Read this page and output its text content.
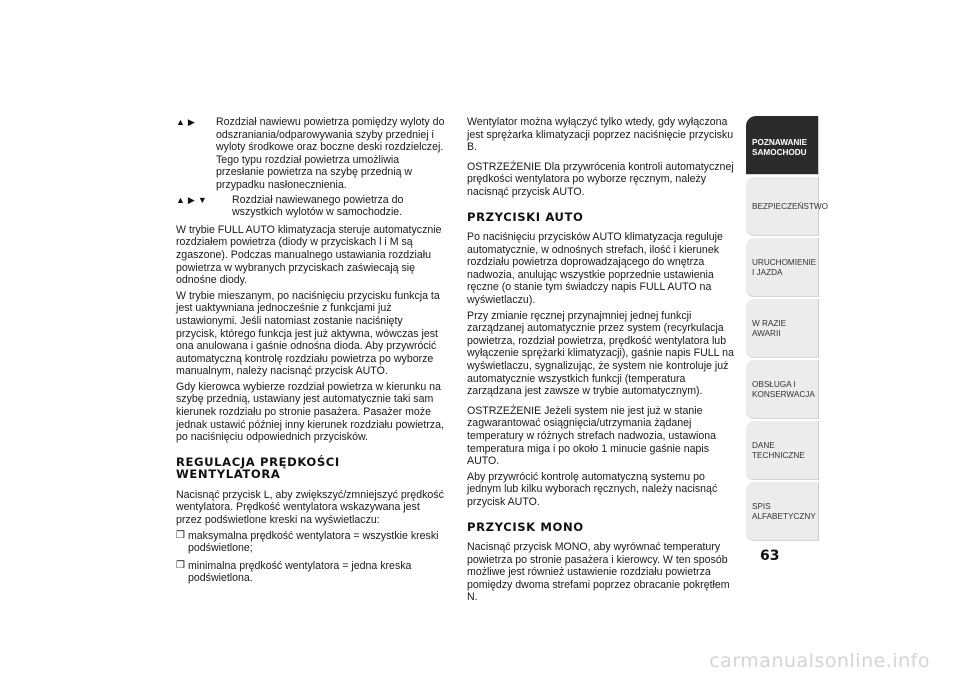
▲▶	Rozdział nawiewu powietrza pomiędzy wyloty do odszraniania/odparowywania szyby przedniej i wyloty środkowe oraz boczne deski rozdzielczej. Tego typu rozdział powietrza umożliwia przesłanie powietrza na szybę przednią w przypadku nasłonecznienia.
▲▶▼	Rozdział nawiewanego powietrza do wszystkich wylotów w samochodzie.

W trybie FULL AUTO klimatyzacja steruje automatycznie rozdziałem powietrza (diody w przyciskach l i M są zgaszone). Podczas manualnego ustawiania rozdziału powietrza w wybranych przyciskach zaświecają się odnośne diody.

W trybie mieszanym, po naciśnięciu przycisku funkcja ta jest uaktywniana jednocześnie z funkcjami już ustawionymi. Jeśli natomiast zostanie naciśnięty przycisk, którego funkcja jest już aktywna, wówczas jest ona anulowana i gaśnie odnośna dioda. Aby przywrócić automatyczną kontrolę rozdziału powietrza po wyborze manualnym, należy nacisnąć przycisk AUTO.

Gdy kierowca wybierze rozdział powietrza w kierunku na szybę przednią, ustawiany jest automatycznie taki sam kierunek rozdziału po stronie pasażera. Pasażer może jednak ustawić później inny kierunek rozdziału powietrza, po naciśnięciu odpowiednich przycisków.

REGULACJA PRĘDKOŚCI WENTYLATORA

Nacisnąć przycisk L, aby zwiększyć/zmniejszyć prędkość wentylatora. Prędkość wentylatora wskazywana jest przez podświetlone kreski na wyświetlaczu:

❒ maksymalna prędkość wentylatora = wszystkie kreski podświetlone;
❒ minimalna prędkość wentylatora = jedna kreska podświetlona.

Wentylator można wyłączyć tylko wtedy, gdy wyłączona jest sprężarka klimatyzacji poprzez naciśnięcie przycisku B.

OSTRZEŻENIE Dla przywrócenia kontroli automatycznej prędkości wentylatora po wyborze ręcznym, należy nacisnąć przycisk AUTO.

PRZYCISKI AUTO

Po naciśnięciu przycisków AUTO klimatyzacja reguluje automatycznie, w odnośnych strefach, ilość i kierunek rozdziału powietrza doprowadzającego do wnętrza nadwozia, anulując wszystkie poprzednie ustawienia ręczne (o stanie tym świadczy napis FULL AUTO na wyświetlaczu).

Przy zmianie ręcznej przynajmniej jednej funkcji zarządzanej automatycznie przez system (recyrkulacja powietrza, rozdział powietrza, prędkość wentylatora lub wyłączenie sprężarki klimatyzacji), gaśnie napis FULL na wyświetlaczu, sygnalizując, że system nie kontroluje już automatycznie wszystkich funkcji (temperatura zarządzana jest zawsze w trybie automatycznym).

OSTRZEŻENIE Jeżeli system nie jest już w stanie zagwarantować osiągnięcia/utrzymania żądanej temperatury w różnych strefach nadwozia, ustawiona temperatura miga i po około 1 minucie gaśnie napis AUTO.

Aby przywrócić kontrolę automatyczną systemu po jednym lub kilku wyborach ręcznych, należy nacisnąć przycisk AUTO.

PRZYCISK MONO

Nacisnąć przycisk MONO, aby wyrównać temperatury powietrza po stronie pasażera i kierowcy. W ten sposób możliwe jest również ustawienie rozdziału powietrza pomiędzy dwoma strefami poprzez obracanie pokrętłem N.

POZNAWANIE SAMOCHODU
BEZPIECZEŃSTWO
URUCHOMIENIE I JAZDA
W RAZIE AWARII
OBSŁUGA I KONSERWACJA
DANE TECHNICZNE
SPIS ALFABETYCZNY
63
carmanualsonline.info
